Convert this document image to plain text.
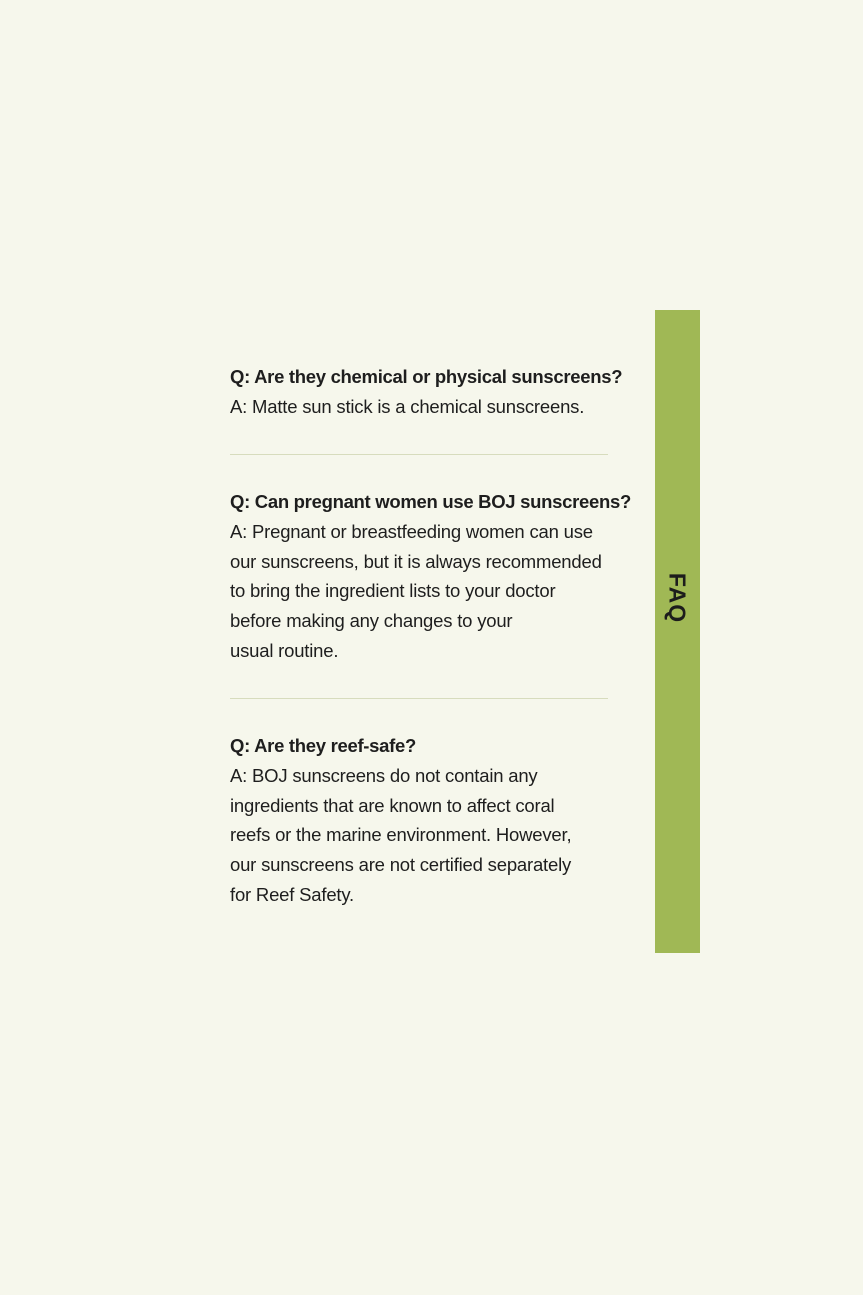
Q: Are they chemical or physical sunscreens?
A: Matte sun stick is a chemical sunscreens.
Q: Can pregnant women use BOJ sunscreens?
A: Pregnant or breastfeeding women can use
our sunscreens, but it is always recommended
to bring the ingredient lists to your doctor
before making any changes to your
usual routine.
Q: Are they reef-safe?
A: BOJ sunscreens do not contain any
ingredients that are known to affect coral
reefs or the marine environment. However,
our sunscreens are not certified separately
for Reef Safety.
FAQ
